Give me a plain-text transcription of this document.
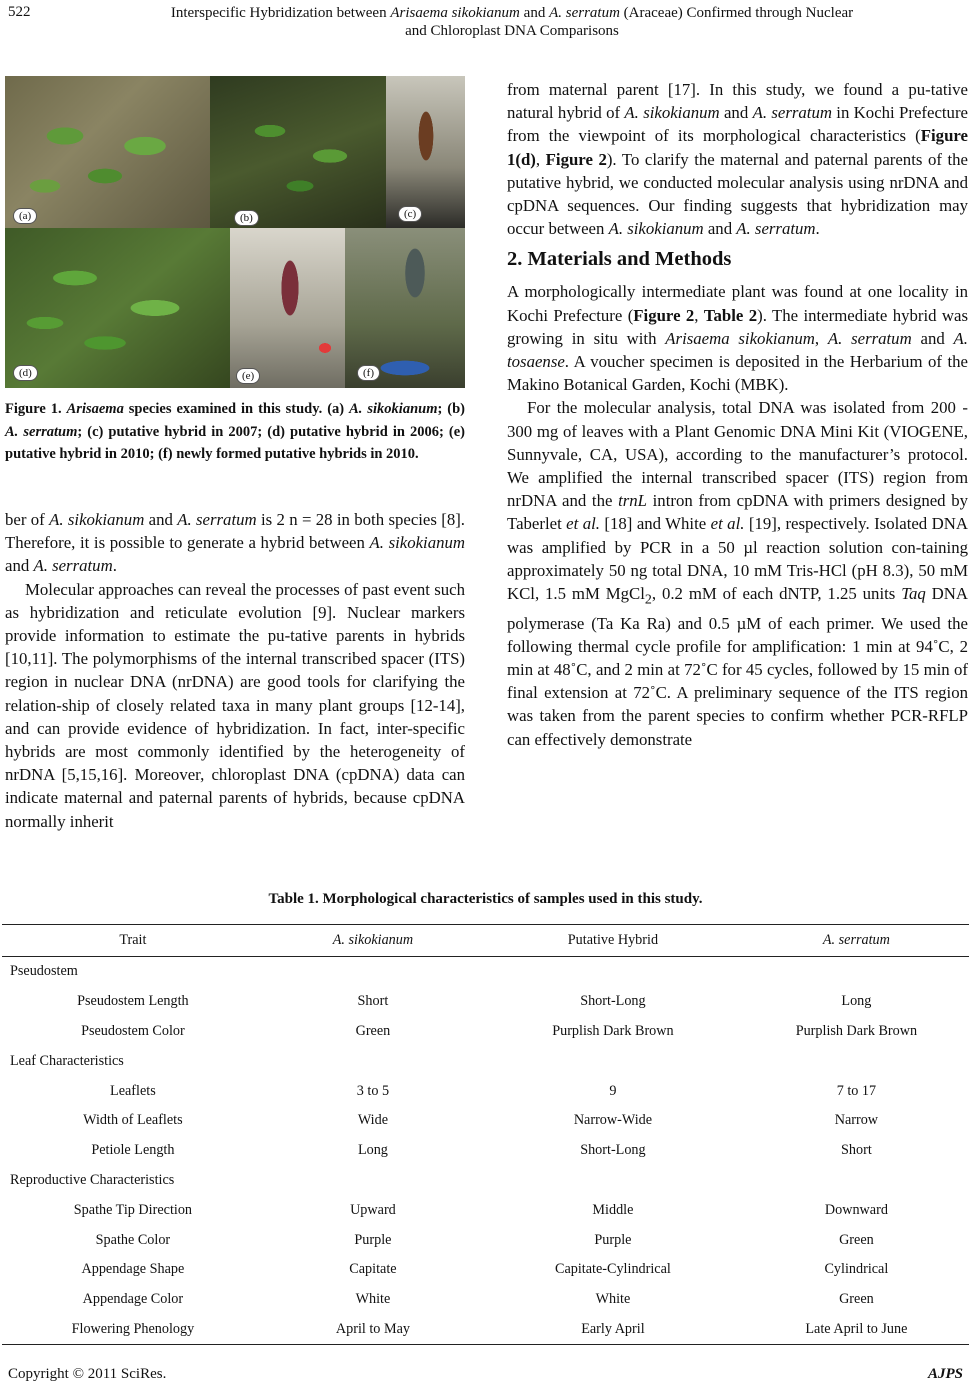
522	Interspecific Hybridization between Arisaema sikokianum and A. serratum (Araceae) Confirmed through Nuclear
and Chloroplast DNA Comparisons
(a)	(b)	(c)
(d)	(e)	(f)
Figure 1. Arisaema species examined in this study. (a) A. sikokianum; (b) A. serratum; (c) putative hybrid in 2007; (d) putative hybrid in 2006; (e) putative hybrid in 2010; (f) newly formed putative hybrids in 2010.

ber of A. sikokianum and A. serratum is 2 n = 28 in both species [8]. Therefore, it is possible to generate a hybrid between A. sikokianum and A. serratum.

Molecular approaches can reveal the processes of past event such as hybridization and reticulate evolution [9]. Nuclear markers provide information to estimate the pu-tative parents in hybrids [10,11]. The polymorphisms of the internal transcribed spacer (ITS) region in nuclear DNA (nrDNA) are good tools for clarifying the relation-ship of closely related taxa in many plant groups [12-14], and can provide evidence of hybridization. In fact, inter-specific hybrids are most commonly identified by the heterogeneity of nrDNA [5,15,16]. Moreover, chloroplast DNA (cpDNA) data can indicate maternal and paternal parents of hybrids, because cpDNA normally inherit

from maternal parent [17]. In this study, we found a pu-tative natural hybrid of A. sikokianum and A. serratum in Kochi Prefecture from the viewpoint of its morphological characteristics (Figure 1(d), Figure 2). To clarify the maternal and paternal parents of the putative hybrid, we conducted molecular analysis using nrDNA and cpDNA sequences. Our finding suggests that hybridization may occur between A. sikokianum and A. serratum.

2. Materials and Methods

A morphologically intermediate plant was found at one locality in Kochi Prefecture (Figure 2, Table 2). The intermediate hybrid was growing in situ with Arisaema sikokianum, A. serratum and A. tosaense. A voucher specimen is deposited in the Herbarium of the Makino Botanical Garden, Kochi (MBK).

For the molecular analysis, total DNA was isolated from 200 - 300 mg of leaves with a Plant Genomic DNA Mini Kit (VIOGENE, Sunnyvale, CA, USA), according to the manufacturer’s protocol. We amplified the internal transcribed spacer (ITS) region from nrDNA and the trnL intron from cpDNA with primers designed by Taberlet et al. [18] and White et al. [19], respectively. Isolated DNA was amplified by PCR in a 50 µl reaction solution con-taining approximately 50 ng total DNA, 10 mM Tris-HCl (pH 8.3), 50 mM KCl, 1.5 mM MgCl$_2$, 0.2 mM of each dNTP, 1.25 units Taq DNA polymerase (Ta Ka Ra) and 0.5 µM of each primer. We used the following thermal cycle profile for amplification: 1 min at 94˚C, 2 min at 48˚C, and 2 min at 72˚C for 45 cycles, followed by 15 min of final extension at 72˚C. A preliminary sequence of the ITS region was taken from the parent species to confirm whether PCR-RFLP can effectively demonstrate

Table 1. Morphological characteristics of samples used in this study.
Trait	A. sikokianum	Putative Hybrid	A. serratum
Pseudostem			
Pseudostem Length	Short	Short-Long	Long
Pseudostem Color	Green	Purplish Dark Brown	Purplish Dark Brown
Leaf Characteristics			
Leaflets	3 to 5	9	7 to 17
Width of Leaflets	Wide	Narrow-Wide	Narrow
Petiole Length	Long	Short-Long	Short
Reproductive Characteristics			
Spathe Tip Direction	Upward	Middle	Downward
Spathe Color	Purple	Purple	Green
Appendage Shape	Capitate	Capitate-Cylindrical	Cylindrical
Appendage Color	White	White	Green
Flowering Phenology	April to May	Early April	Late April to June
Copyright © 2011 SciRes.	AJPS
